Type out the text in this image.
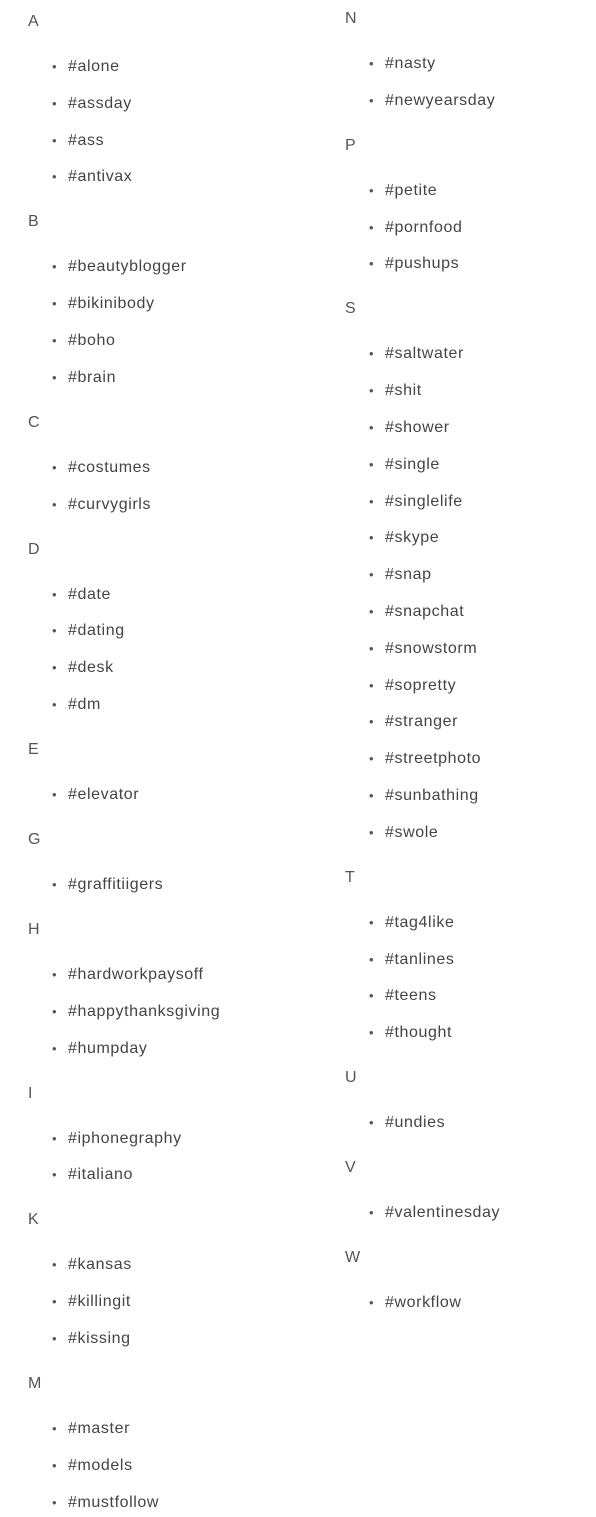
A
• #alone
• #assday
• #ass
• #antivax
B
• #beautyblogger
• #bikinibody
• #boho
• #brain
C
• #costumes
• #curvygirls
D
• #date
• #dating
• #desk
• #dm
E
• #elevator
G
• #graffitiigers
H
• #hardworkpaysoff
• #happythanksgiving
• #humpday
I
• #iphonegraphy
• #italiano
K
• #kansas
• #killingit
• #kissing
M
• #master
• #models
• #mustfollow
N
• #nasty
• #newyearsday
P
• #petite
• #pornfood
• #pushups
S
• #saltwater
• #shit
• #shower
• #single
• #singlelife
• #skype
• #snap
• #snapchat
• #snowstorm
• #sopretty
• #stranger
• #streetphoto
• #sunbathing
• #swole
T
• #tag4like
• #tanlines
• #teens
• #thought
U
• #undies
V
• #valentinesday
W
• #workflow
